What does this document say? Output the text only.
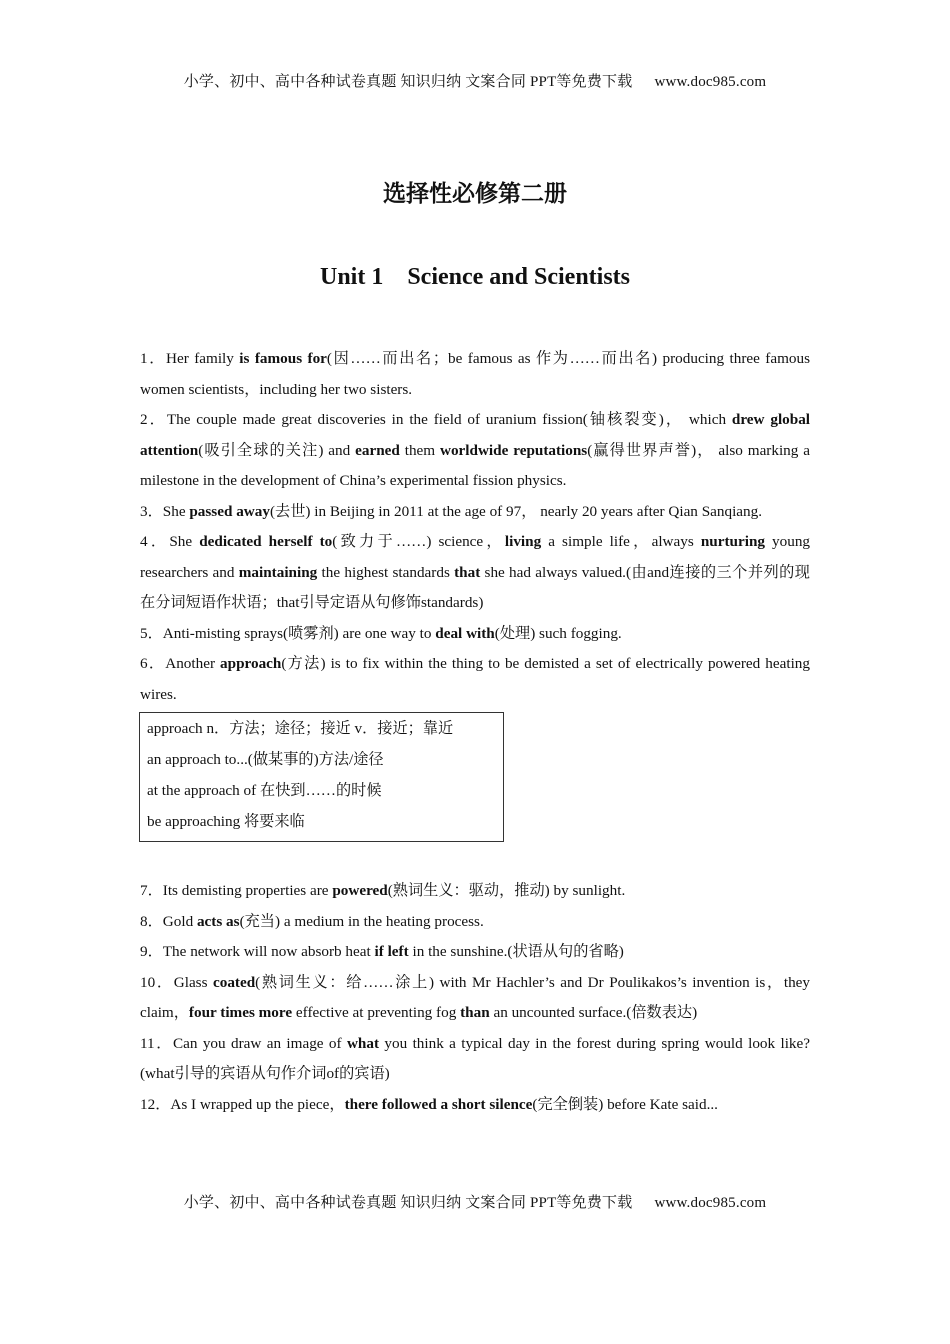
小学、初中、高中各种试卷真题 知识归纳 文案合同 PPT等免费下载 www.doc985.com
选择性必修第二册
Unit 1 Science and Scientists

1．Her family is famous for(因……而出名；be famous as 作为……而出名) producing three famous women scientists，including her two sisters.

2．The couple made great discoveries in the field of uranium fission(铀核裂变)， which drew global attention(吸引全球的关注) and earned them worldwide reputations(赢得世界声誉)， also marking a milestone in the development of China’s experimental fission physics.

3．She passed away(去世) in Beijing in 2011 at the age of 97， nearly 20 years after Qian Sanqiang.

4．She dedicated herself to(致力于……) science，living a simple life，always nurturing young researchers and maintaining the highest standards that she had always valued.(由and连接的三个并列的现在分词短语作状语；that引导定语从句修饰standards)

5．Anti-misting sprays(喷雾剂) are one way to deal with(处理) such fogging.

6．Another approach(方法) is to fix within the thing to be demisted a set of electrically powered heating wires.

approach n．方法；途径；接近 v．接近；靠近
an approach to...(做某事的)方法/途径
at the approach of 在快到……的时候
be approaching 将要来临

7．Its demisting properties are powered(熟词生义：驱动，推动) by sunlight.

8．Gold acts as(充当) a medium in the heating process.

9．The network will now absorb heat if left in the sunshine.(状语从句的省略)

10．Glass coated(熟词生义：给……涂上) with Mr Hachler’s and Dr Poulikakos’s invention is，they claim，four times more effective at preventing fog than an uncounted surface.(倍数表达)

11．Can you draw an image of what you think a typical day in the forest during spring would look like? (what引导的宾语从句作介词of的宾语)

12．As I wrapped up the piece，there followed a short silence(完全倒装) before Kate said...

小学、初中、高中各种试卷真题 知识归纳 文案合同 PPT等免费下载 www.doc985.com
